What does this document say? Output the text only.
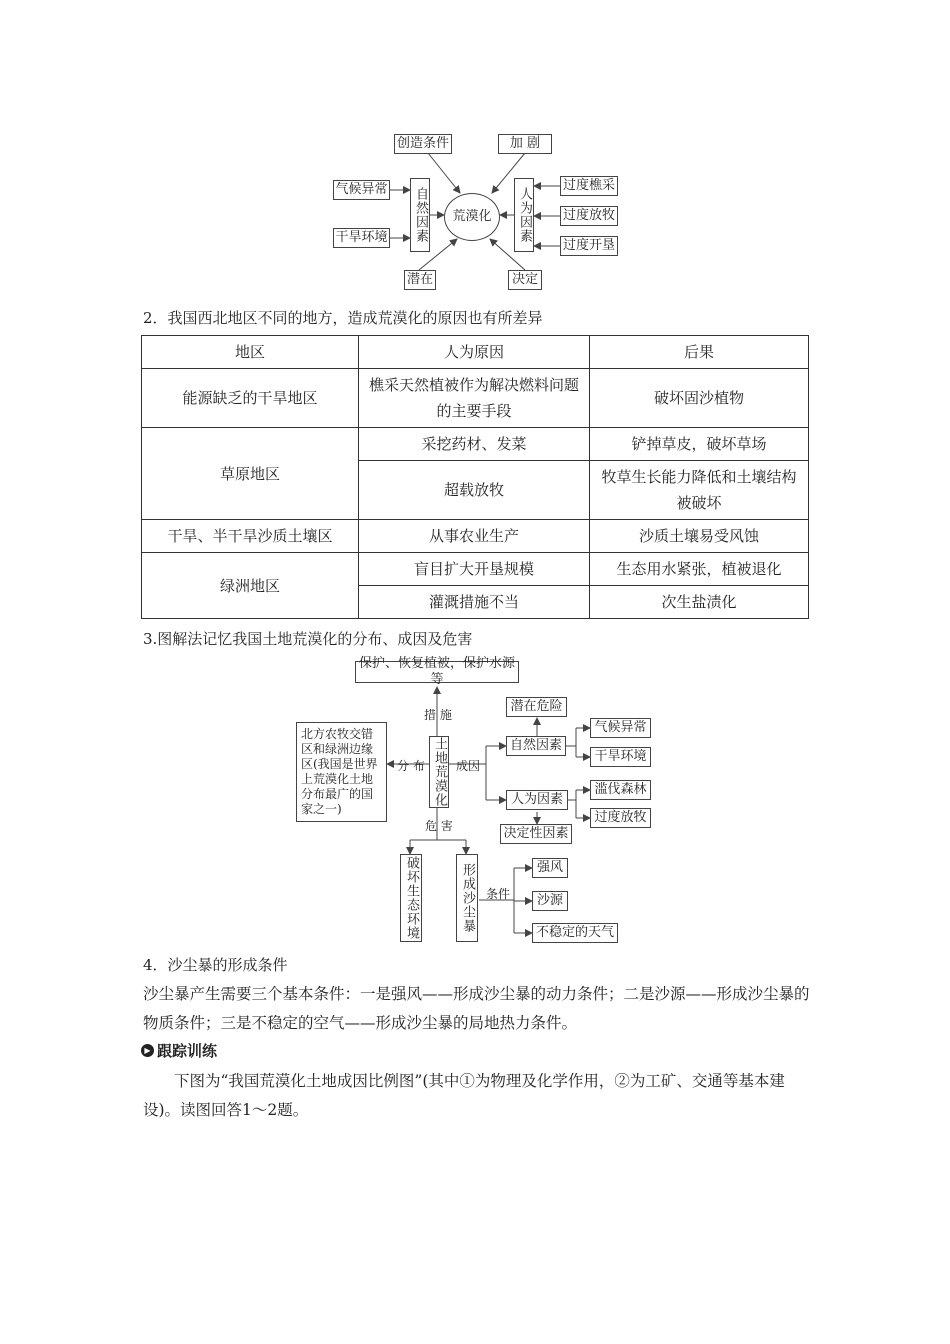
创造条件	加 剧
自然因素	人为因素
荒漠化
气候异常
干旱环境
潜在	决定
过度樵采
过度放牧
过度开垦
2．我国西北地区不同的地方，造成荒漠化的原因也有所差异
地区	人为原因	后果
能源缺乏的干旱地区	樵采天然植被作为解决燃料问题的主要手段	破坏固沙植物
草原地区	采挖药材、发菜	铲掉草皮，破坏草场
	超载放牧	牧草生长能力降低和土壤结构被破坏
干旱、半干旱沙质土壤区	从事农业生产	沙质土壤易受风蚀
绿洲地区	盲目扩大开垦规模	生态用水紧张，植被退化
	灌溉措施不当	次生盐渍化
3.图解法记忆我国土地荒漠化的分布、成因及危害
保护、恢复植被，保护水源等
措 施
土地荒漠化
分 布
北方农牧交错区和绿洲边缘区(我国是世界上荒漠化土地分布最广的国家之一)
成因
潜在危险
自然因素
气候异常
干旱环境
人为因素
滥伐森林
过度放牧
决定性因素
危 害
破坏生态环境	形成沙尘暴 条件
强风
沙源
不稳定的天气
4．沙尘暴的形成条件
沙尘暴产生需要三个基本条件：一是强风——形成沙尘暴的动力条件；二是沙源——形成沙尘暴的物质条件；三是不稳定的空气——形成沙尘暴的局地热力条件。
▶ 跟踪训练
下图为“我国荒漠化土地成因比例图”(其中①为物理及化学作用，②为工矿、交通等基本建设)。读图回答1～2题。
